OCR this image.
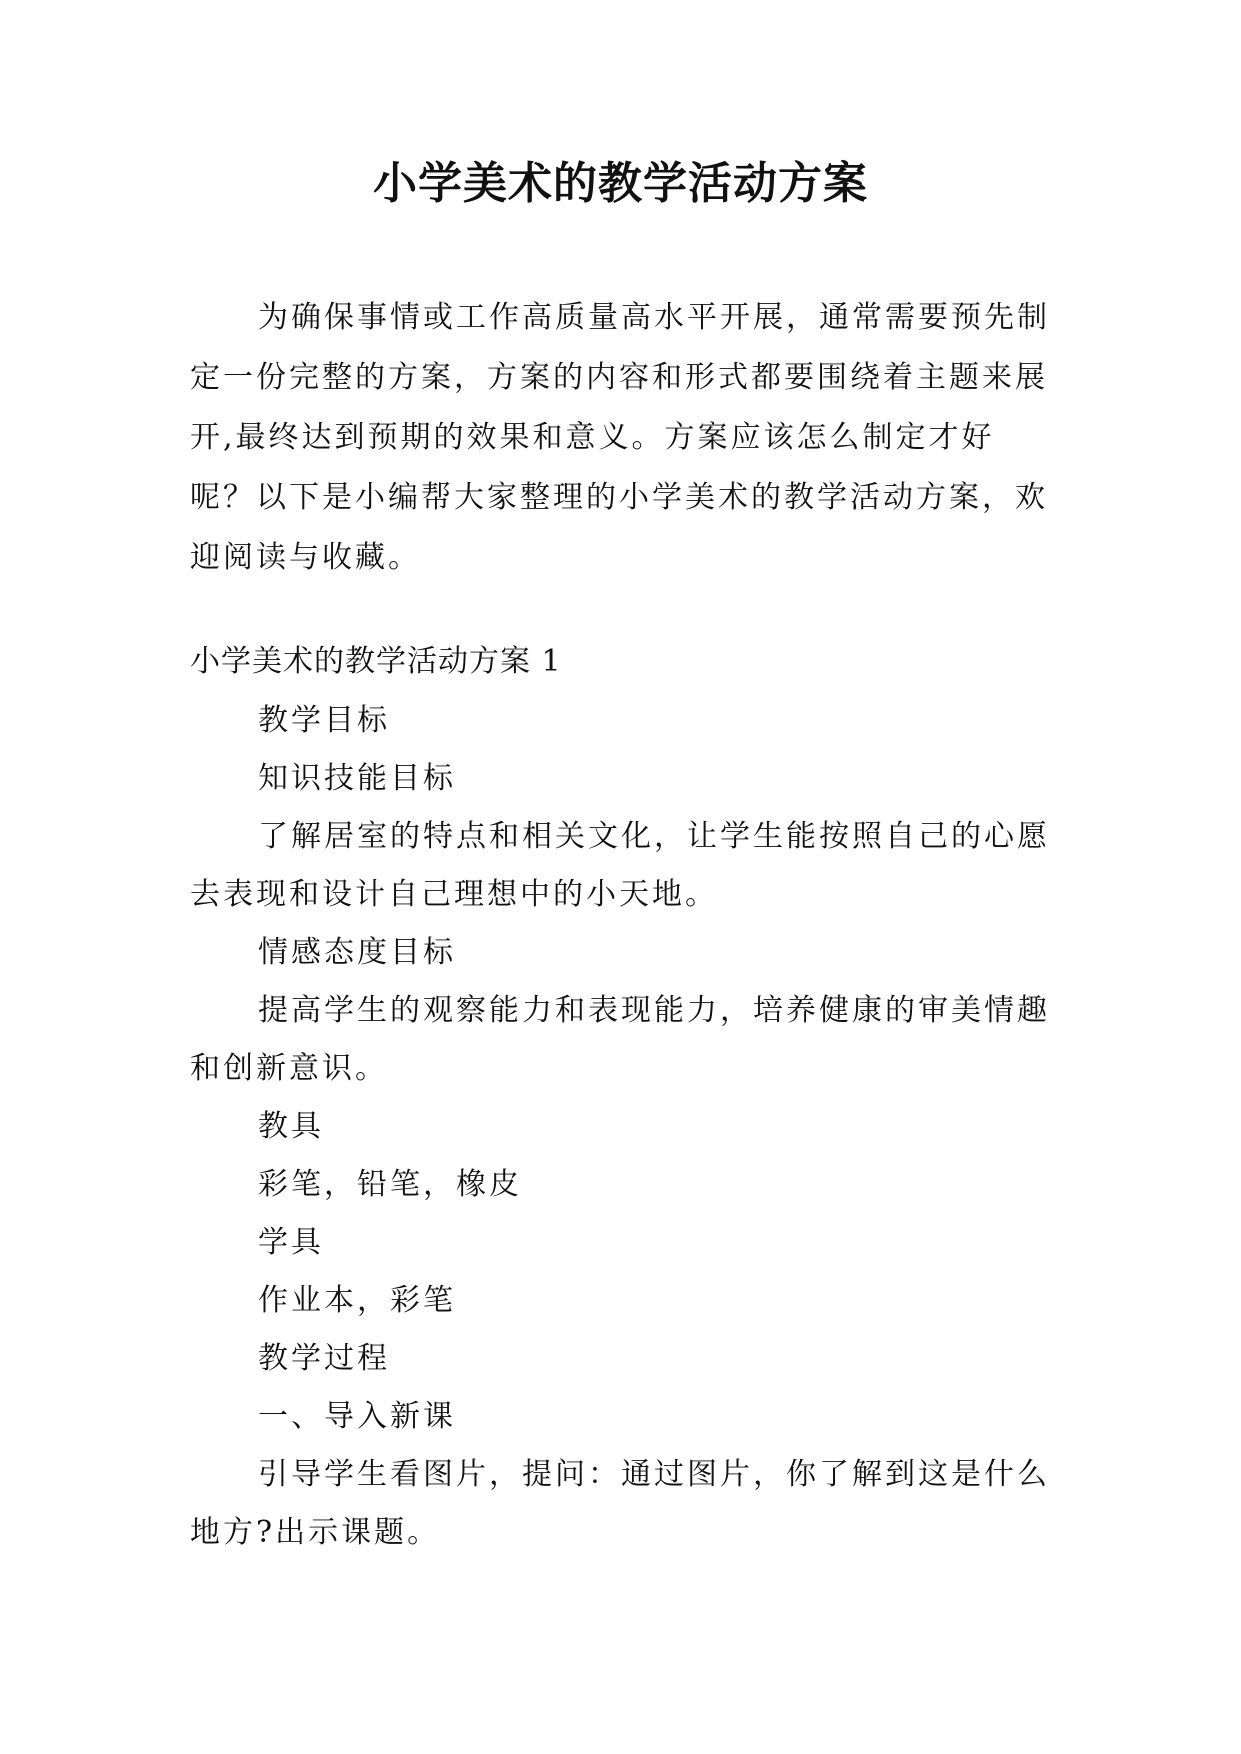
小学美术的教学活动方案

为确保事情或工作高质量高水平开展，通常需要预先制定一份完整的方案，方案的内容和形式都要围绕着主题来展开,最终达到预期的效果和意义。方案应该怎么制定才好呢？以下是小编帮大家整理的小学美术的教学活动方案，欢迎阅读与收藏。

小学美术的教学活动方案 1

教学目标

知识技能目标

了解居室的特点和相关文化，让学生能按照自己的心愿去表现和设计自己理想中的小天地。

情感态度目标

提高学生的观察能力和表现能力，培养健康的审美情趣和创新意识。

教具

彩笔，铅笔，橡皮

学具

作业本，彩笔

教学过程

一、导入新课

引导学生看图片，提问：通过图片，你了解到这是什么地方?出示课题。
